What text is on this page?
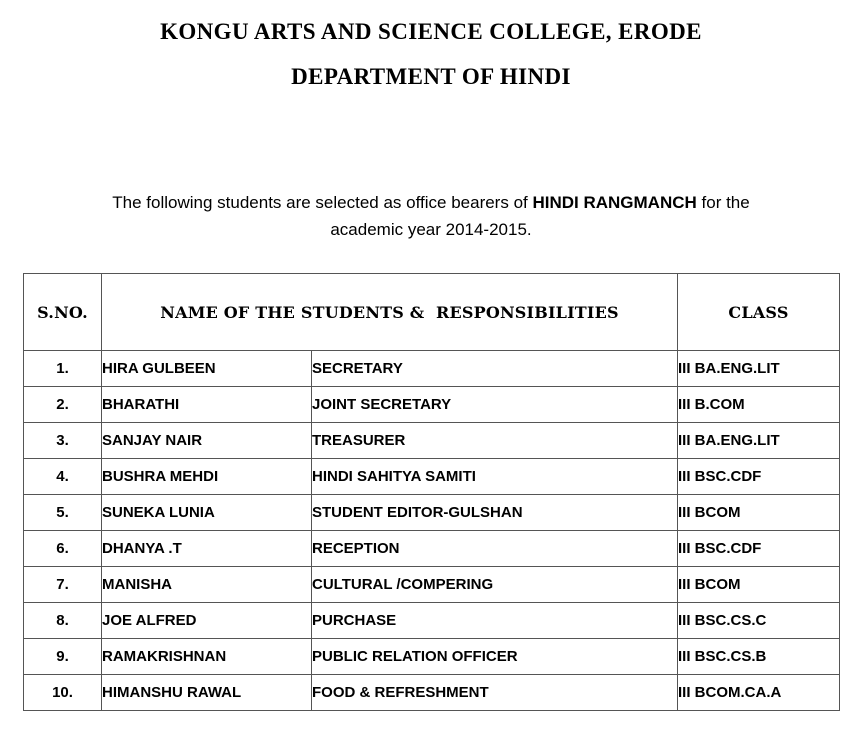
KONGU ARTS AND SCIENCE COLLEGE, ERODE
DEPARTMENT OF HINDI
The following students are selected as office bearers of HINDI RANGMANCH for the
academic year 2014-2015.
S.NO.	NAME OF THE STUDENTS &  RESPONSIBILITIES		CLASS
1.	HIRA GULBEEN	SECRETARY	III BA.ENG.LIT
2.	BHARATHI	JOINT SECRETARY	III B.COM
3.	SANJAY NAIR	TREASURER	III BA.ENG.LIT
4.	BUSHRA MEHDI	HINDI SAHITYA SAMITI	III BSC.CDF
5.	SUNEKA LUNIA	STUDENT EDITOR-GULSHAN	III BCOM
6.	DHANYA .T	RECEPTION	III BSC.CDF
7.	MANISHA	CULTURAL /COMPERING	III BCOM
8.	JOE ALFRED	PURCHASE	III BSC.CS.C
9.	RAMAKRISHNAN	PUBLIC RELATION OFFICER	III BSC.CS.B
10.	HIMANSHU RAWAL	FOOD & REFRESHMENT	III BCOM.CA.A
